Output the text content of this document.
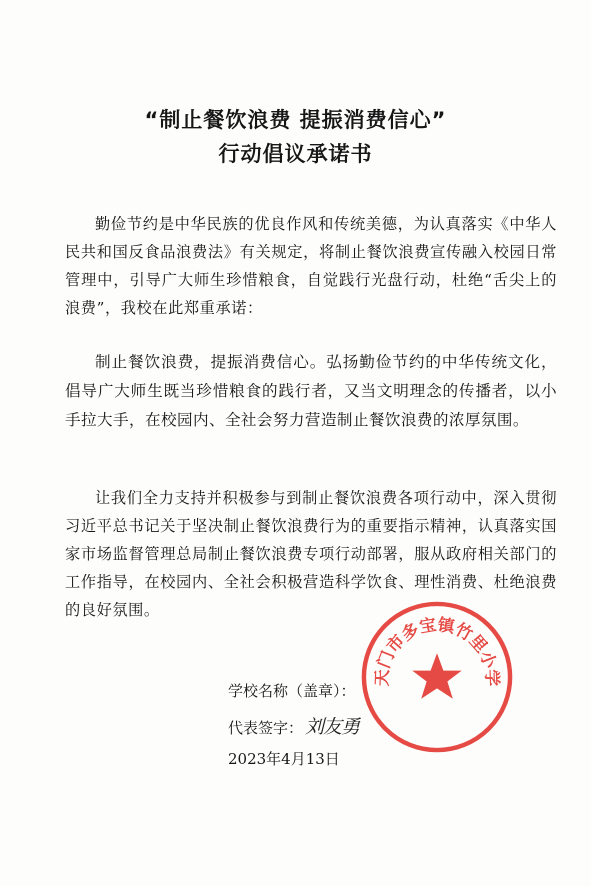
“制止餐饮浪费 提振消费信心”
行动倡议承诺书

勤俭节约是中华民族的优良作风和传统美德，为认真落实《中华人民共和国反食品浪费法》有关规定，将制止餐饮浪费宣传融入校园日常管理中，引导广大师生珍惜粮食，自觉践行光盘行动，杜绝“舌尖上的浪费”，我校在此郑重承诺：

制止餐饮浪费，提振消费信心。弘扬勤俭节约的中华传统文化，倡导广大师生既当珍惜粮食的践行者，又当文明理念的传播者，以小手拉大手，在校园内、全社会努力营造制止餐饮浪费的浓厚氛围。

让我们全力支持并积极参与到制止餐饮浪费各项行动中，深入贯彻习近平总书记关于坚决制止餐饮浪费行为的重要指示精神，认真落实国家市场监督管理总局制止餐饮浪费专项行动部署，服从政府相关部门的工作指导，在校园内、全社会积极营造科学饮食、理性消费、杜绝浪费的良好氛围。

学校名称（盖章）：
代表签字： 刘友勇
2023年4月13日
天门市多宝镇竹里小学
